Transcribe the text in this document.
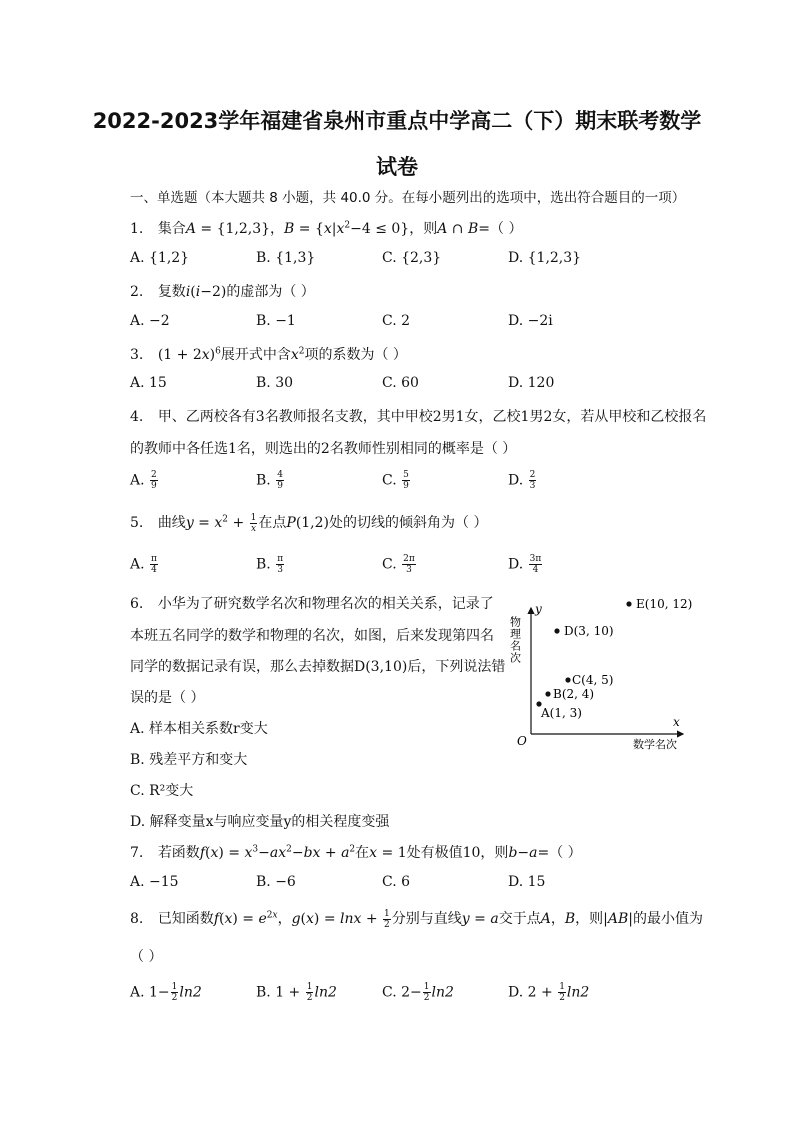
2022-2023学年福建省泉州市重点中学高二（下）期末联考数学
试卷
一、单选题（本大题共 8 小题，共 40.0 分。在每小题列出的选项中，选出符合题目的一项）
1. 集合A = {1,2,3}，$B = \{x|x^2-4 \le 0\}$，则A ∩ B=（ ）
A. {1,2}	B. {1,3}	C. {2,3}	D. {1,2,3}
2. 复数i(i−2)的虚部为（ ）
A. −2	B. −1	C. 2	D. −2i
3. $(1 + 2x)^6$展开式中含$x^2$项的系数为（ ）
A. 15	B. 30	C. 60	D. 120
4. 甲、乙两校各有3名教师报名支教，其中甲校2男1女，乙校1男2女，若从甲校和乙校报名
的教师中各任选1名，则选出的2名教师性别相同的概率是（ ）
A. $\frac{2}{9}$	B. $\frac{4}{9}$	C. $\frac{5}{9}$	D. $\frac{2}{3}$
5. 曲线$y = x^2 + \frac{1}{x}$ 在点P(1,2)处的切线的倾斜角为（ ）
A. $\frac{\pi}{4}$	B. $\frac{\pi}{3}$	C. $\frac{2\pi}{3}$	D. $\frac{3\pi}{4}$
6. 小华为了研究数学名次和物理名次的相关关系，记录了
本班五名同学的数学和物理的名次，如图，后来发现第四名
同学的数据记录有误，那么去掉数据D(3,10)后，下列说法错
误的是（ ）
A. 样本相关系数r变大
B. 残差平方和变大
C. R²变大
D. 解释变量x与响应变量y的相关程度变强
y
x
O
物理名次
数学名次
A(1, 3)
B(2, 4)
C(4, 5)
D(3, 10)
E(10, 12)
7. 若函数$f(x) = x^3-ax^2-bx + a^2$在x = 1处有极值10，则b−a=（ ）
A. −15	B. −6	C. 6	D. 15
8. 已知函数$f(x) = e^{2x}$，$g(x) = \ln x + \frac{1}{2}$ 分别与直线y = a交于点A，B，则|AB|的最小值为
（ ）
A. $1- \frac{1}{2} \ln 2$	B. $1 + \frac{1}{2} \ln 2$	C. $2- \frac{1}{2} \ln 2$	D. $2 + \frac{1}{2} \ln 2$
